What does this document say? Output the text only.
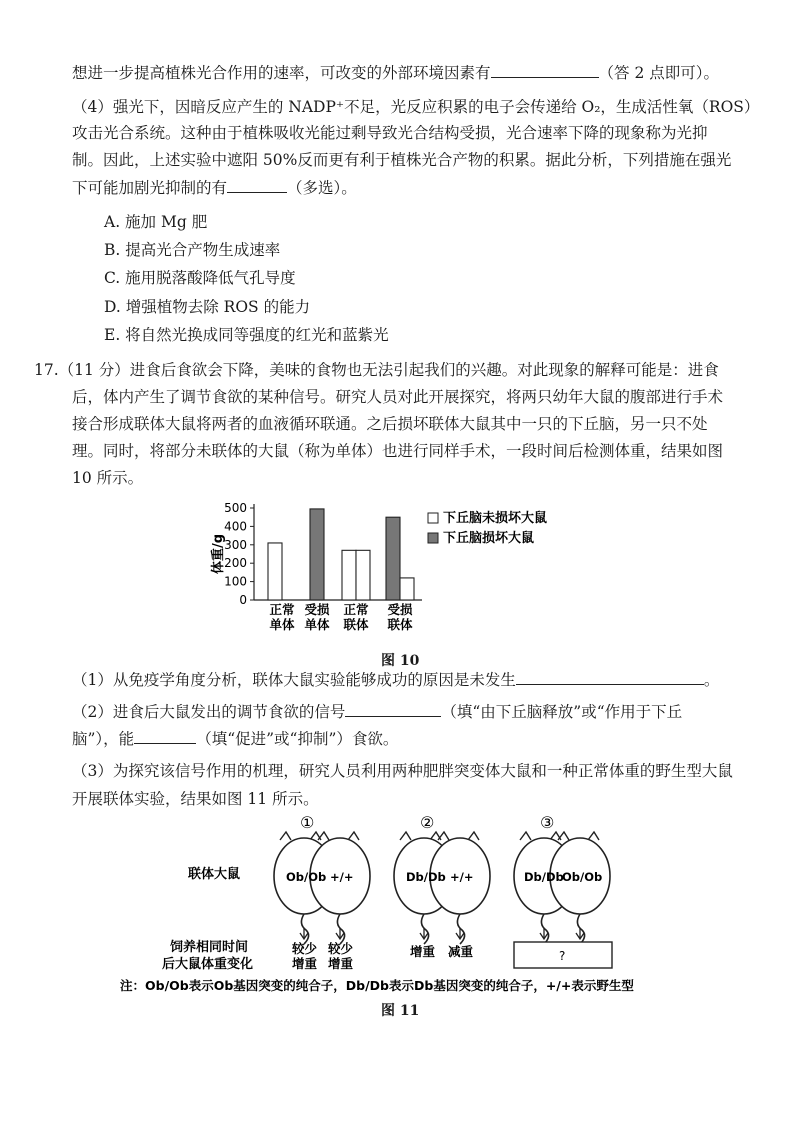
想进一步提高植株光合作用的速率，可改变的外部环境因素有	（答 2 点即可）。
（4）强光下，因暗反应产生的 NADP⁺不足，光反应积累的电子会传递给 O₂，生成活性氧（ROS）
攻击光合系统。这种由于植株吸收光能过剩导致光合结构受损，光合速率下降的现象称为光抑
制。因此，上述实验中遮阳 50%反而更有利于植株光合产物的积累。据此分析，下列措施在强光
下可能加剧光抑制的有	（多选）。
A. 施加 Mg 肥
B. 提高光合产物生成速率
C. 施用脱落酸降低气孔导度
D. 增强植物去除 ROS 的能力
E. 将自然光换成同等强度的红光和蓝紫光
17.（11 分）进食后食欲会下降，美味的食物也无法引起我们的兴趣。对此现象的解释可能是：进食
后，体内产生了调节食欲的某种信号。研究人员对此开展探究，将两只幼年大鼠的腹部进行手术
接合形成联体大鼠将两者的血液循环联通。之后损坏联体大鼠其中一只的下丘脑，另一只不处
理。同时，将部分未联体的大鼠（称为单体）也进行同样手术，一段时间后检测体重，结果如图
10 所示。
0
100
200
300
400
500
体重/g
正常
单体
受损
单体
正常
联体
受损
联体
下丘脑未损坏大鼠
下丘脑损坏大鼠
图 10
（1）从免疫学角度分析，联体大鼠实验能够成功的原因是未发生	。
（2）进食后大鼠发出的调节食欲的信号	（填“由下丘脑释放”或“作用于下丘
脑”），能	（填“促进”或“抑制”）食欲。
（3）为探究该信号作用的机理，研究人员利用两种肥胖突变体大鼠和一种正常体重的野生型大鼠
开展联体实验，结果如图 11 所示。
联体大鼠
饲养相同时间
后大鼠体重变化
①
Ob/Ob +/+
较少
增重
较少
增重
②
Db/Db +/+
增重 减重
③
Db/Db
Ob/Ob
?
注：Ob/Ob表示Ob基因突变的纯合子，Db/Db表示Db基因突变的纯合子，+/+表示野生型
图 11
